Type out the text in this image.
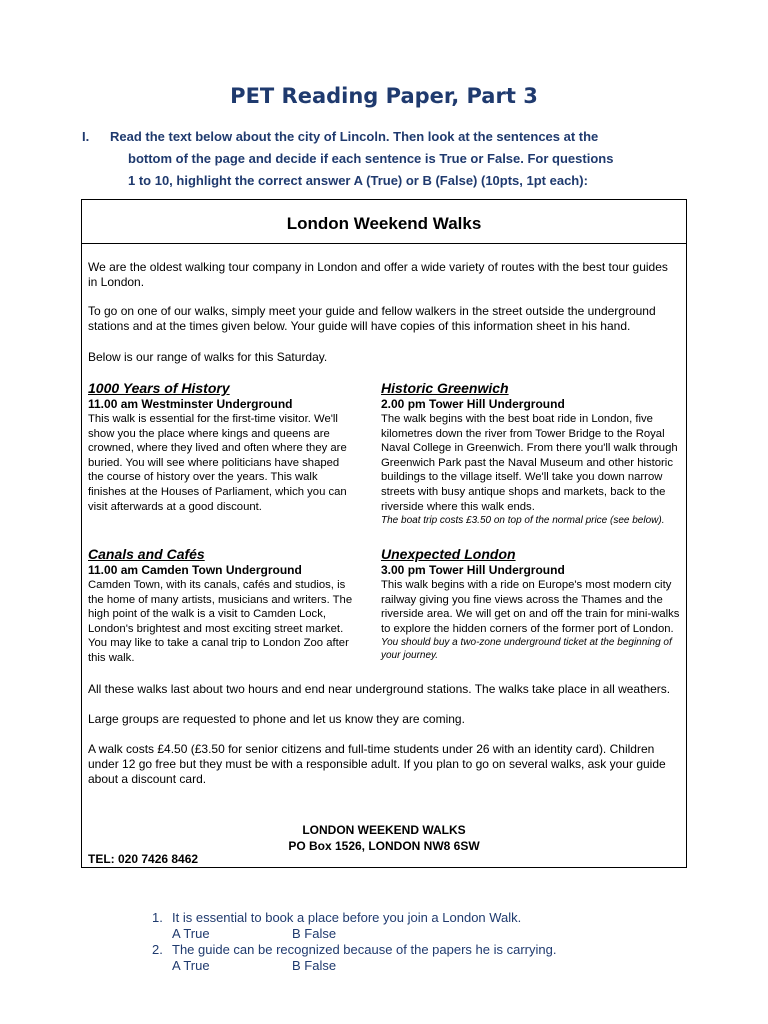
PET Reading Paper, Part 3
I.	Read the text below about the city of Lincoln. Then look at the sentences at the
bottom of the page and decide if each sentence is True or False. For questions
1 to 10, highlight the correct answer A (True) or B (False) (10pts, 1pt each):
London Weekend Walks
We are the oldest walking tour company in London and offer a wide variety of routes with the best tour guides in London.
To go on one of our walks, simply meet your guide and fellow walkers in the street outside the underground stations and at the times given below. Your guide will have copies of this information sheet in his hand.
Below is our range of walks for this Saturday.
1000 Years of History
11.00 am Westminster Underground
This walk is essential for the first-time visitor. We'll show you the place where kings and queens are crowned, where they lived and often where they are buried. You will see where politicians have shaped the course of history over the years. This walk finishes at the Houses of Parliament, which you can visit afterwards at a good discount.
Historic Greenwich
2.00 pm Tower Hill Underground
The walk begins with the best boat ride in London, five kilometres down the river from Tower Bridge to the Royal Naval College in Greenwich. From there you'll walk through Greenwich Park past the Naval Museum and other historic buildings to the village itself. We'll take you down narrow streets with busy antique shops and markets, back to the riverside where this walk ends.
The boat trip costs £3.50 on top of the normal price (see below).
Canals and Cafés
11.00 am Camden Town Underground
Camden Town, with its canals, cafés and studios, is the home of many artists, musicians and writers. The high point of the walk is a visit to Camden Lock, London's brightest and most exciting street market. You may like to take a canal trip to London Zoo after this walk.
Unexpected London
3.00 pm Tower Hill Underground
This walk begins with a ride on Europe's most modern city railway giving you fine views across the Thames and the riverside area. We will get on and off the train for mini-walks to explore the hidden corners of the former port of London.
You should buy a two-zone underground ticket at the beginning of your journey.
All these walks last about two hours and end near underground stations. The walks take place in all weathers.
Large groups are requested to phone and let us know they are coming.
A walk costs £4.50 (£3.50 for senior citizens and full-time students under 26 with an identity card). Children under 12 go free but they must be with a responsible adult. If you plan to go on several walks, ask your guide about a discount card.
LONDON WEEKEND WALKS
PO Box 1526, LONDON NW8 6SW
TEL: 020 7426 8462
1. It is essential to book a place before you join a London Walk.
A True	B False
2. The guide can be recognized because of the papers he is carrying.
A True	B False
